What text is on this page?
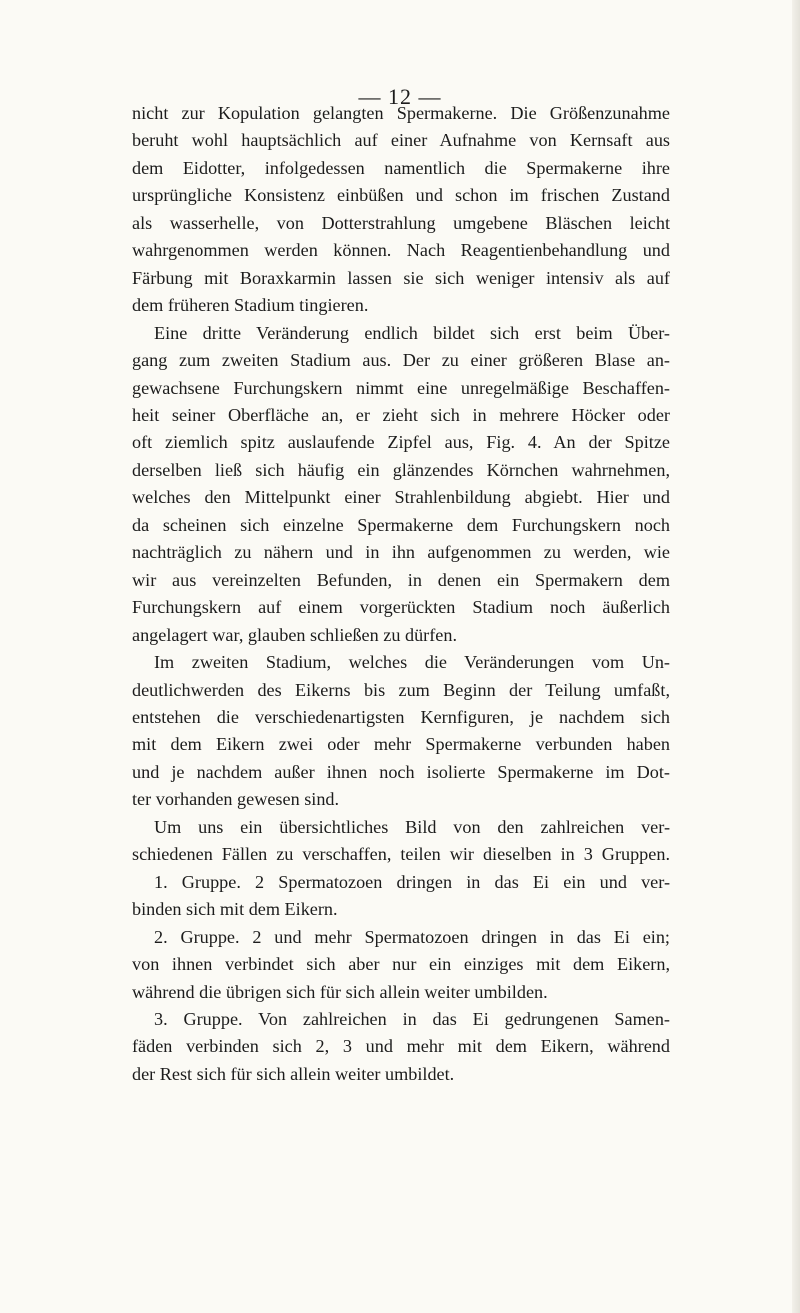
— 12 —

nicht zur Kopulation gelangten Spermakerne. Die Größenzunahme
beruht wohl hauptsächlich auf einer Aufnahme von Kernsaft aus
dem Eidotter, infolgedessen namentlich die Spermakerne ihre
ursprüngliche Konsistenz einbüßen und schon im frischen Zustand
als wasserhelle, von Dotterstrahlung umgebene Bläschen leicht
wahrgenommen werden können. Nach Reagentienbehandlung und
Färbung mit Boraxkarmin lassen sie sich weniger intensiv als auf
dem früheren Stadium tingieren.

Eine dritte Veränderung endlich bildet sich erst beim Über-
gang zum zweiten Stadium aus. Der zu einer größeren Blase an-
gewachsene Furchungskern nimmt eine unregelmäßige Beschaffen-
heit seiner Oberfläche an, er zieht sich in mehrere Höcker oder
oft ziemlich spitz auslaufende Zipfel aus, Fig. 4. An der Spitze
derselben ließ sich häufig ein glänzendes Körnchen wahrnehmen,
welches den Mittelpunkt einer Strahlenbildung abgiebt. Hier und
da scheinen sich einzelne Spermakerne dem Furchungskern noch
nachträglich zu nähern und in ihn aufgenommen zu werden, wie
wir aus vereinzelten Befunden, in denen ein Spermakern dem
Furchungskern auf einem vorgerückten Stadium noch äußerlich
angelagert war, glauben schließen zu dürfen.

Im zweiten Stadium, welches die Veränderungen vom Un-
deutlichwerden des Eikerns bis zum Beginn der Teilung umfaßt,
entstehen die verschiedenartigsten Kernfiguren, je nachdem sich
mit dem Eikern zwei oder mehr Spermakerne verbunden haben
und je nachdem außer ihnen noch isolierte Spermakerne im Dot-
ter vorhanden gewesen sind.

Um uns ein übersichtliches Bild von den zahlreichen ver-
schiedenen Fällen zu verschaffen, teilen wir dieselben in 3 Gruppen.

1. Gruppe. 2 Spermatozoen dringen in das Ei ein und ver-
binden sich mit dem Eikern.

2. Gruppe. 2 und mehr Spermatozoen dringen in das Ei ein;
von ihnen verbindet sich aber nur ein einziges mit dem Eikern,
während die übrigen sich für sich allein weiter umbilden.

3. Gruppe. Von zahlreichen in das Ei gedrungenen Samen-
fäden verbinden sich 2, 3 und mehr mit dem Eikern, während
der Rest sich für sich allein weiter umbildet.
